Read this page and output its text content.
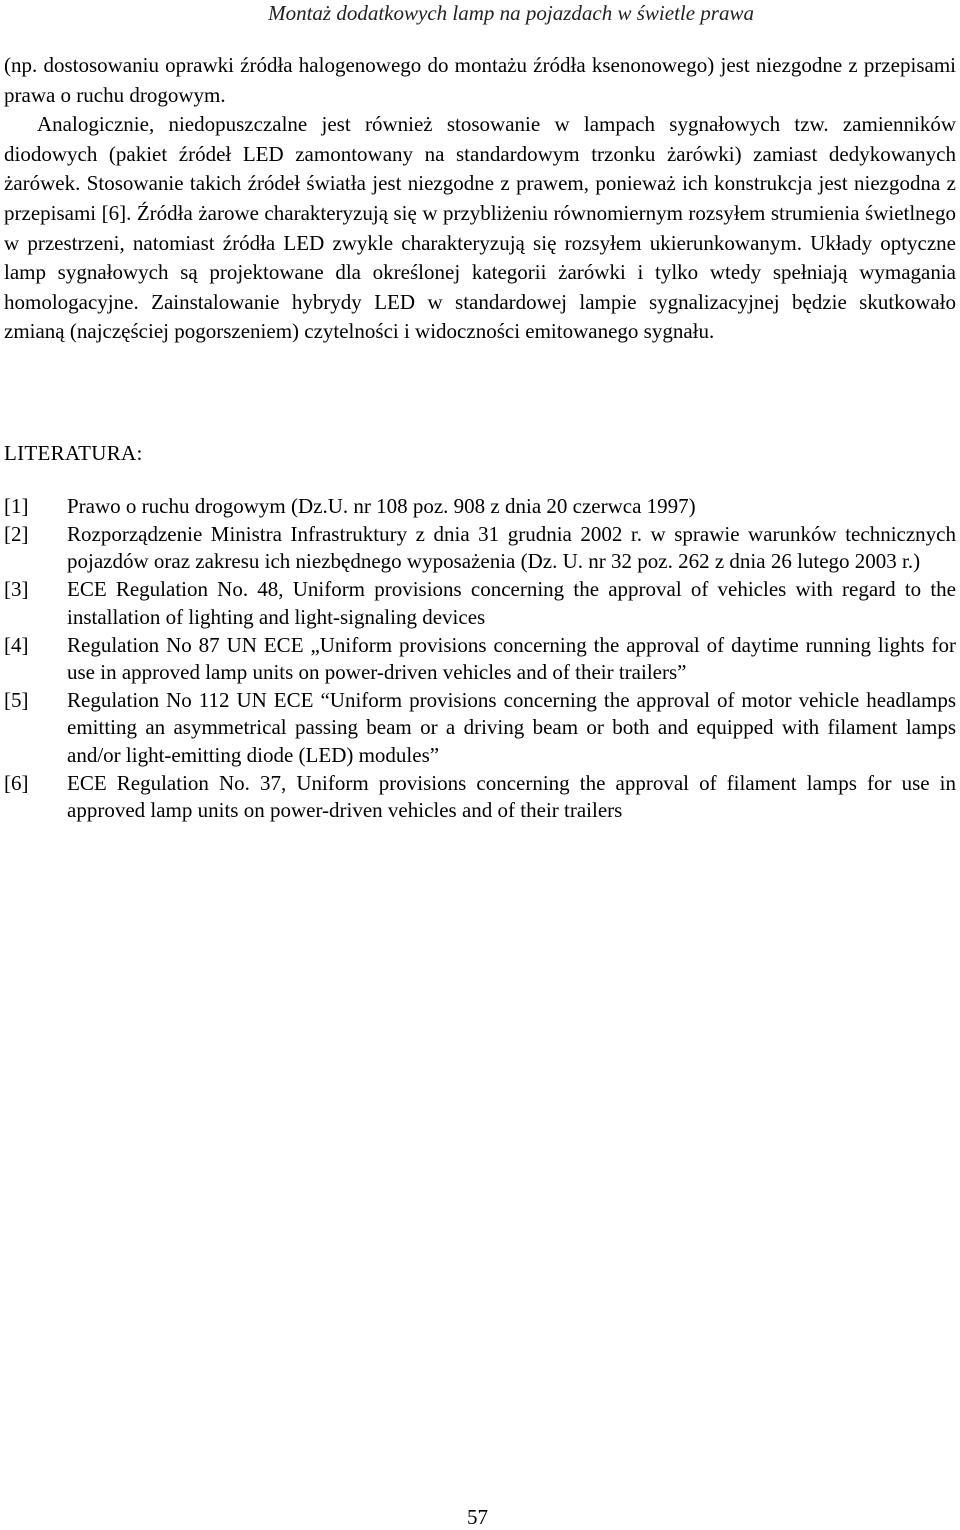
Montaż dodatkowych lamp na pojazdach w świetle prawa

(np. dostosowaniu oprawki źródła halogenowego do montażu źródła ksenonowego) jest niezgodne z przepisami prawa o ruchu drogowym.

Analogicznie, niedopuszczalne jest również stosowanie w lampach sygnałowych tzw. zamienników diodowych (pakiet źródeł LED zamontowany na standardowym trzonku żarówki) zamiast dedykowanych żarówek. Stosowanie takich źródeł światła jest niezgodne z prawem, ponieważ ich konstrukcja jest niezgodna z przepisami [6]. Źródła żarowe charakteryzują się w przybliżeniu równomiernym rozsyłem strumienia świetlnego w przestrzeni, natomiast źródła LED zwykle charakteryzują się rozsyłem ukierunkowanym. Układy optyczne lamp sygnałowych są projektowane dla określonej kategorii żarówki i tylko wtedy spełniają wymagania homologacyjne. Zainstalowanie hybrydy LED w standardowej lampie sygnalizacyjnej będzie skutkowało zmianą (najczęściej pogorszeniem) czytelności i widoczności emitowanego sygnału.

LITERATURA:
[1]	Prawo o ruchu drogowym (Dz.U. nr 108 poz. 908 z dnia 20 czerwca 1997)
[2]	Rozporządzenie Ministra Infrastruktury z dnia 31 grudnia 2002 r. w sprawie warunków technicznych pojazdów oraz zakresu ich niezbędnego wyposażenia (Dz. U. nr 32 poz. 262 z dnia 26 lutego 2003 r.)
[3]	ECE Regulation No. 48, Uniform provisions concerning the approval of vehicles with regard to the installation of lighting and light-signaling devices
[4]	Regulation No 87 UN ECE „Uniform provisions concerning the approval of daytime running lights for use in approved lamp units on power-driven vehicles and of their trailers”
[5]	Regulation No 112 UN ECE “Uniform provisions concerning the approval of motor vehicle headlamps emitting an asymmetrical passing beam or a driving beam or both and equipped with filament lamps and/or light-emitting diode (LED) modules”
[6]	ECE Regulation No. 37, Uniform provisions concerning the approval of filament lamps for use in approved lamp units on power-driven vehicles and of their trailers
57
